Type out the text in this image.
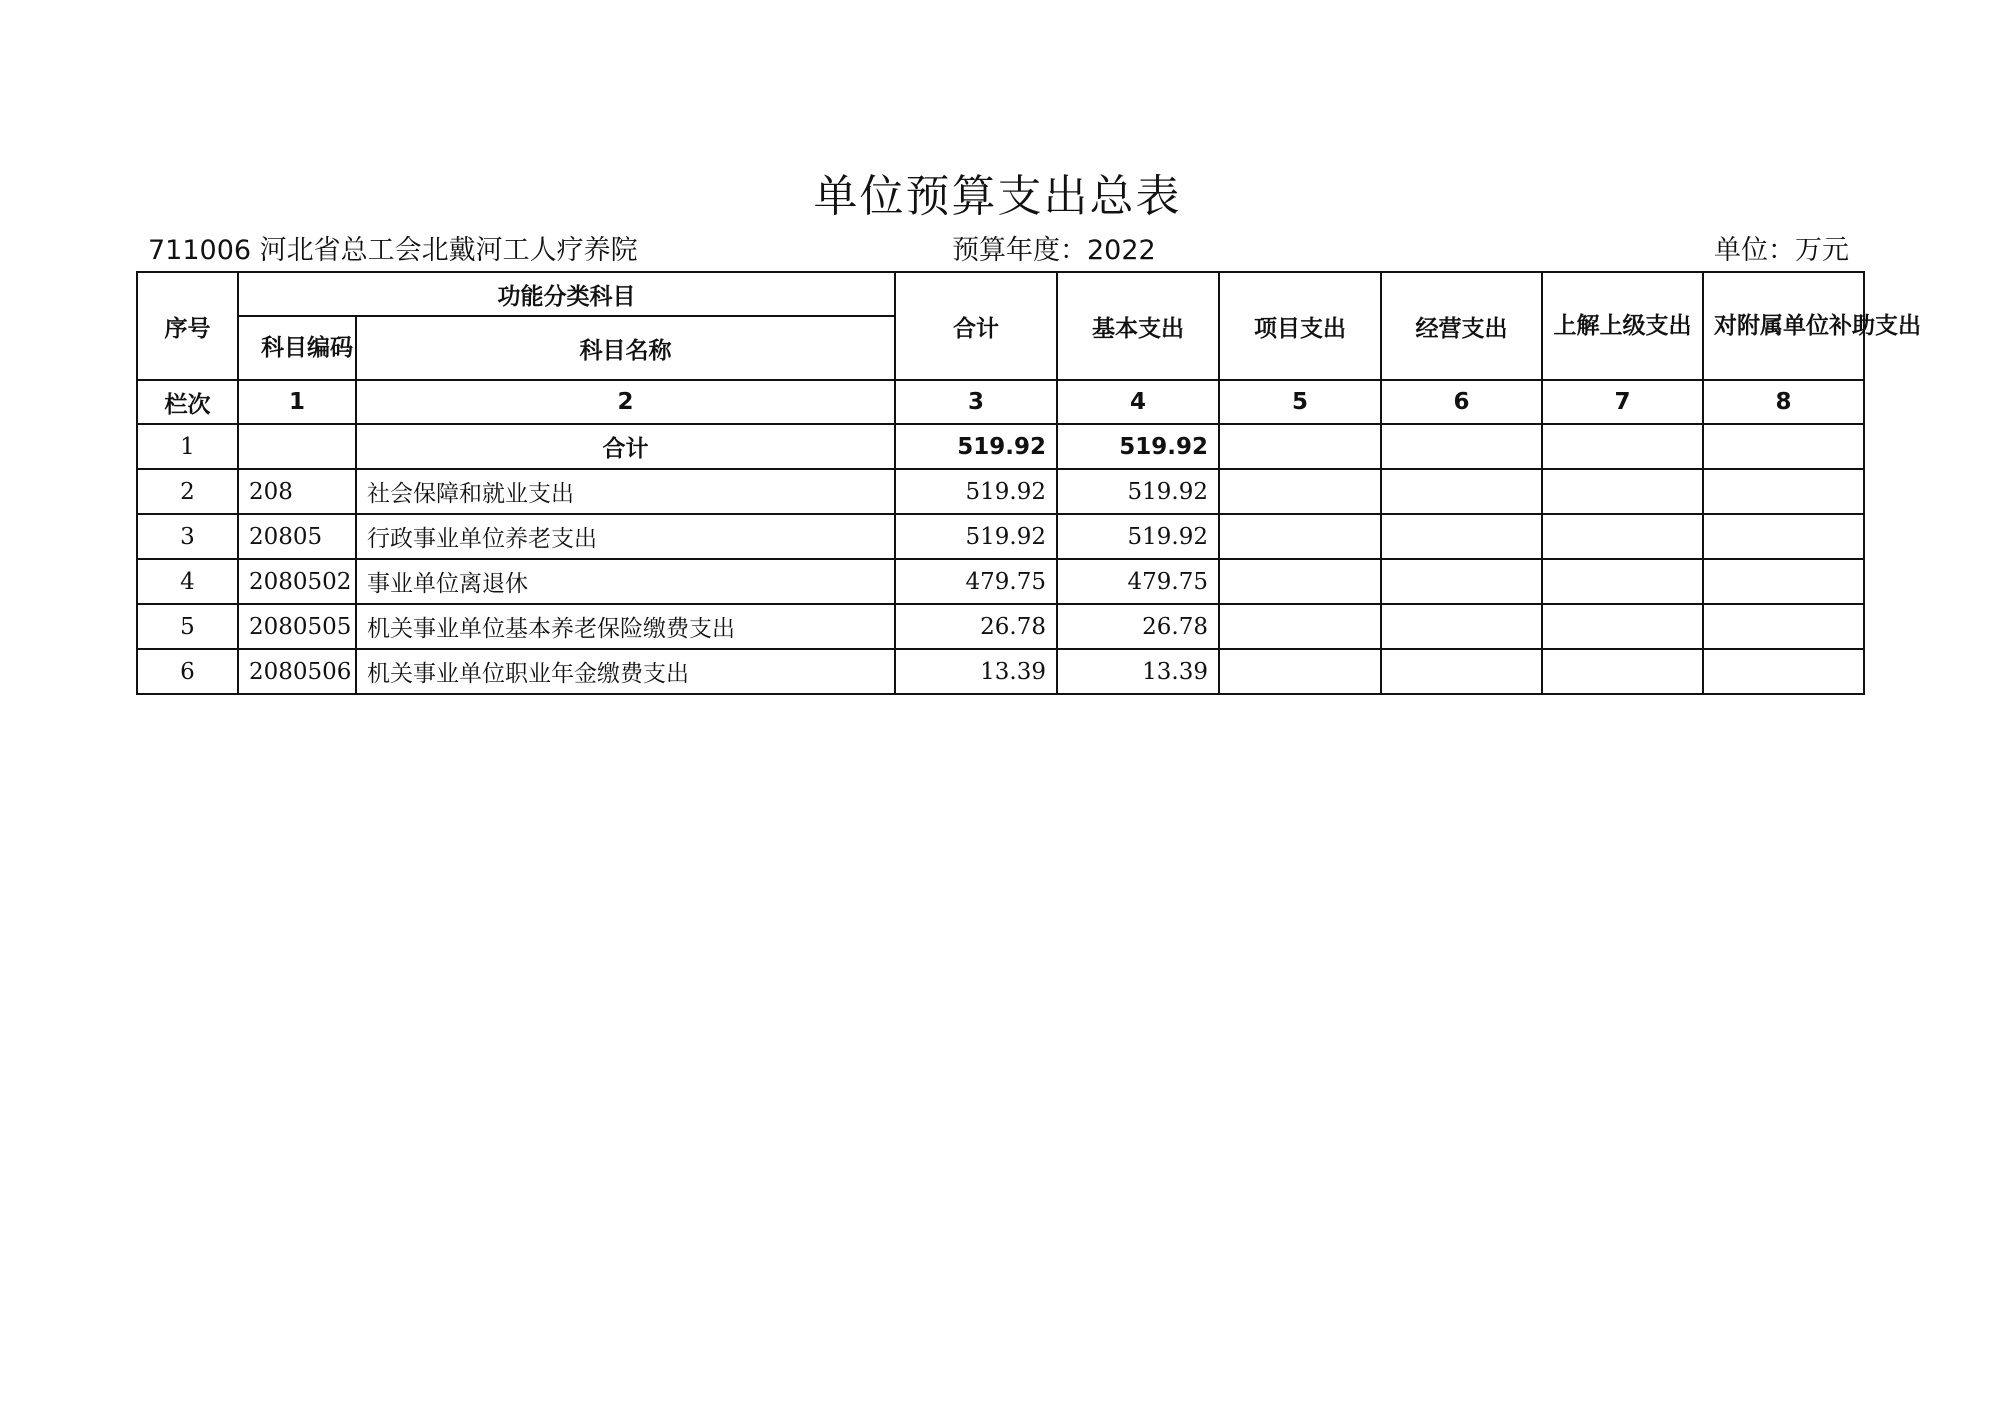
单位预算支出总表
711006 河北省总工会北戴河工人疗养院	预算年度：2022	单位：万元
序号	功能分类科目		合计	基本支出	项目支出	经营支出	上解上级支出	对附属单位补助支出
	科目编码	科目名称						
栏次	1	2	3	4	5	6	7	8
1		合计	519.92	519.92				
2	208	社会保障和就业支出	519.92	519.92				
3	20805	行政事业单位养老支出	519.92	519.92				
4	2080502	事业单位离退休	479.75	479.75				
5	2080505	机关事业单位基本养老保险缴费支出	26.78	26.78				
6	2080506	机关事业单位职业年金缴费支出	13.39	13.39				
